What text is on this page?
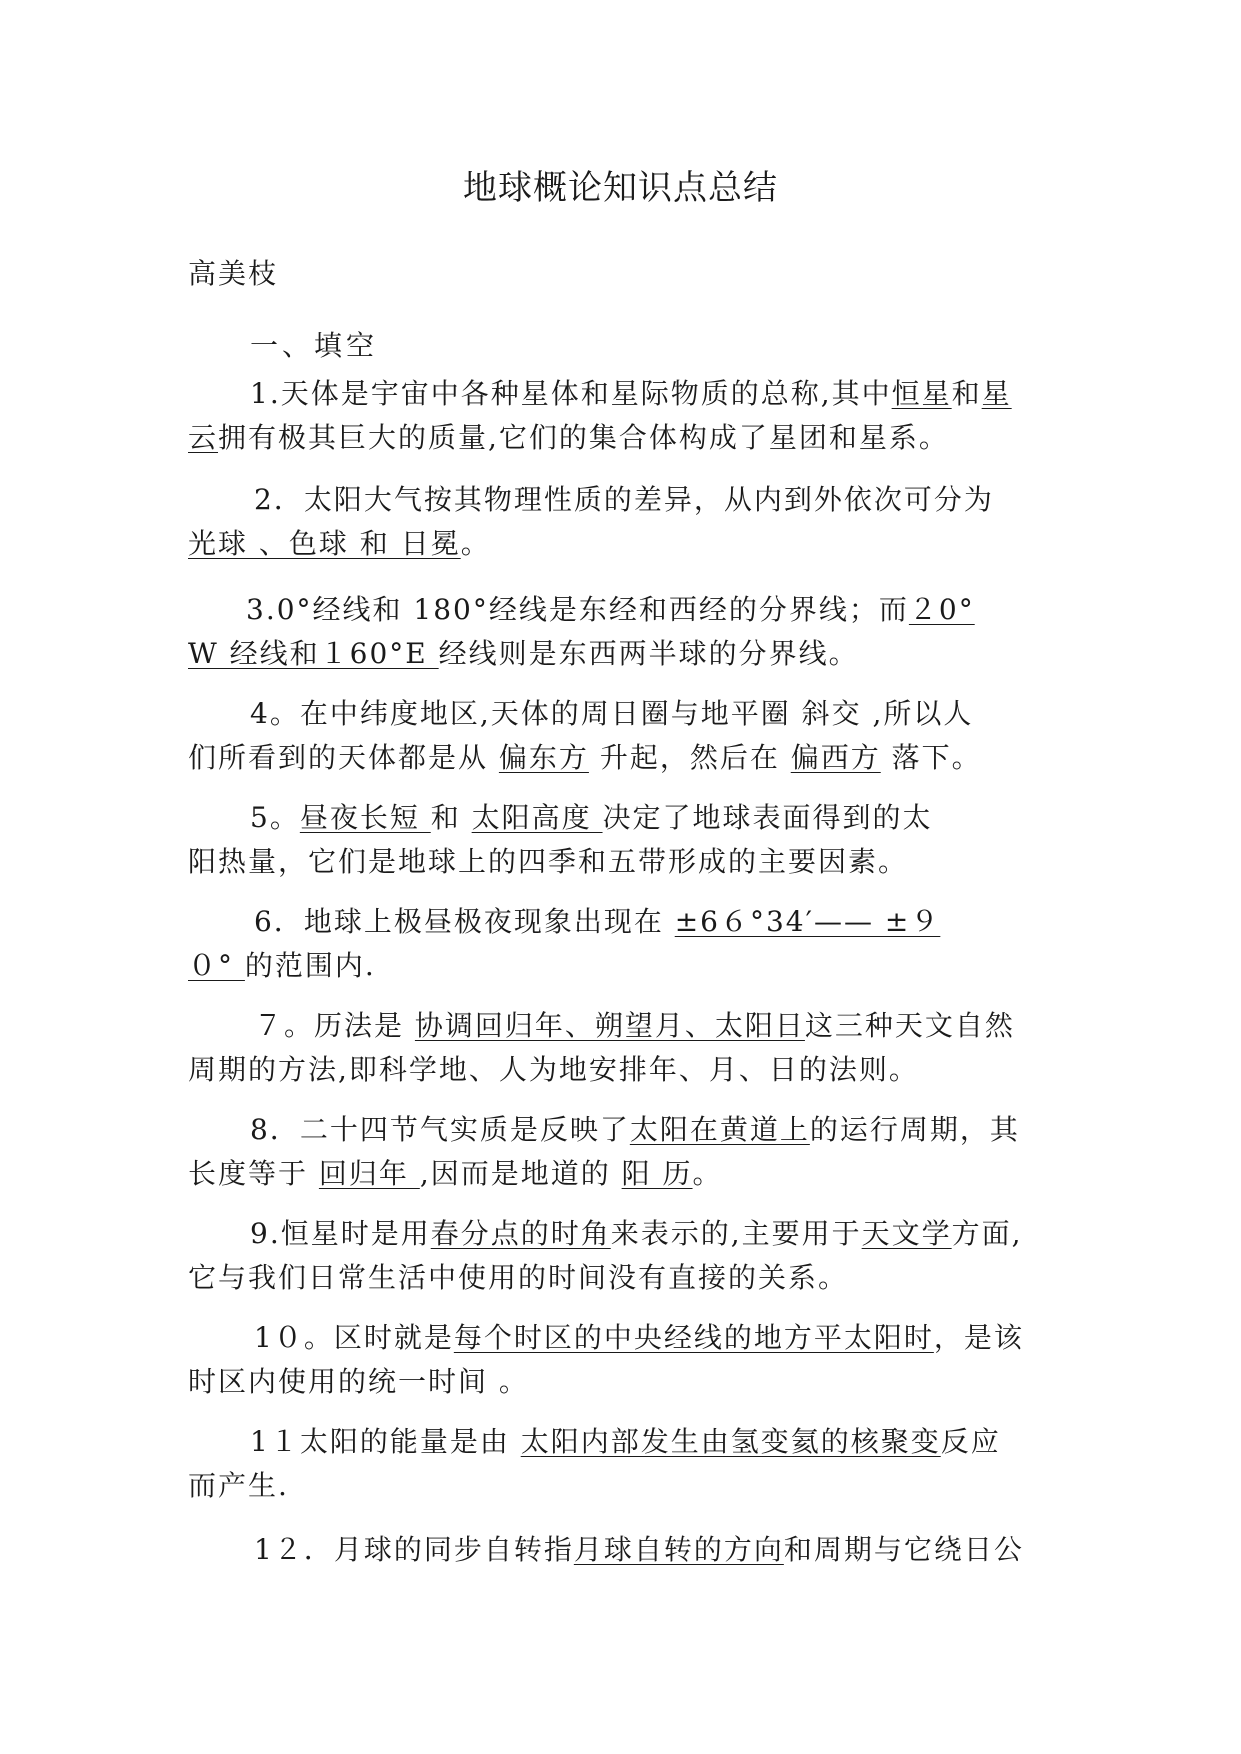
地球概论知识点总结
高美枝
一、填空
1.天体是宇宙中各种星体和星际物质的总称,其中恒星和星
云拥有极其巨大的质量,它们的集合体构成了星团和星系。
2．太阳大气按其物理性质的差异，从内到外依次可分为
光球 、色球 和 日冕。
3.0°经线和 180°经线是东经和西经的分界线；而２0°
W 经线和１60°E 经线则是东西两半球的分界线。
4。在中纬度地区,天体的周日圈与地平圈 斜交 ,所以人
们所看到的天体都是从 偏东方 升起，然后在 偏西方 落下。
5。昼夜长短 和 太阳高度 决定了地球表面得到的太
阳热量，它们是地球上的四季和五带形成的主要因素。
6．地球上极昼极夜现象出现在 ±6６°34′—— ±９
０° 的范围内.
７。历法是 协调回归年、朔望月、太阳日这三种天文自然
周期的方法,即科学地、人为地安排年、月、日的法则。
8．二十四节气实质是反映了太阳在黄道上的运行周期，其
长度等于 回归年 ,因而是地道的 阳 历。
9.恒星时是用春分点的时角来表示的,主要用于天文学方面,
它与我们日常生活中使用的时间没有直接的关系。
1０。区时就是每个时区的中央经线的地方平太阳时，是该
时区内使用的统一时间 。
1１太阳的能量是由 太阳内部发生由氢变氦的核聚变反应
而产生.
1２．月球的同步自转指月球自转的方向和周期与它绕日公
